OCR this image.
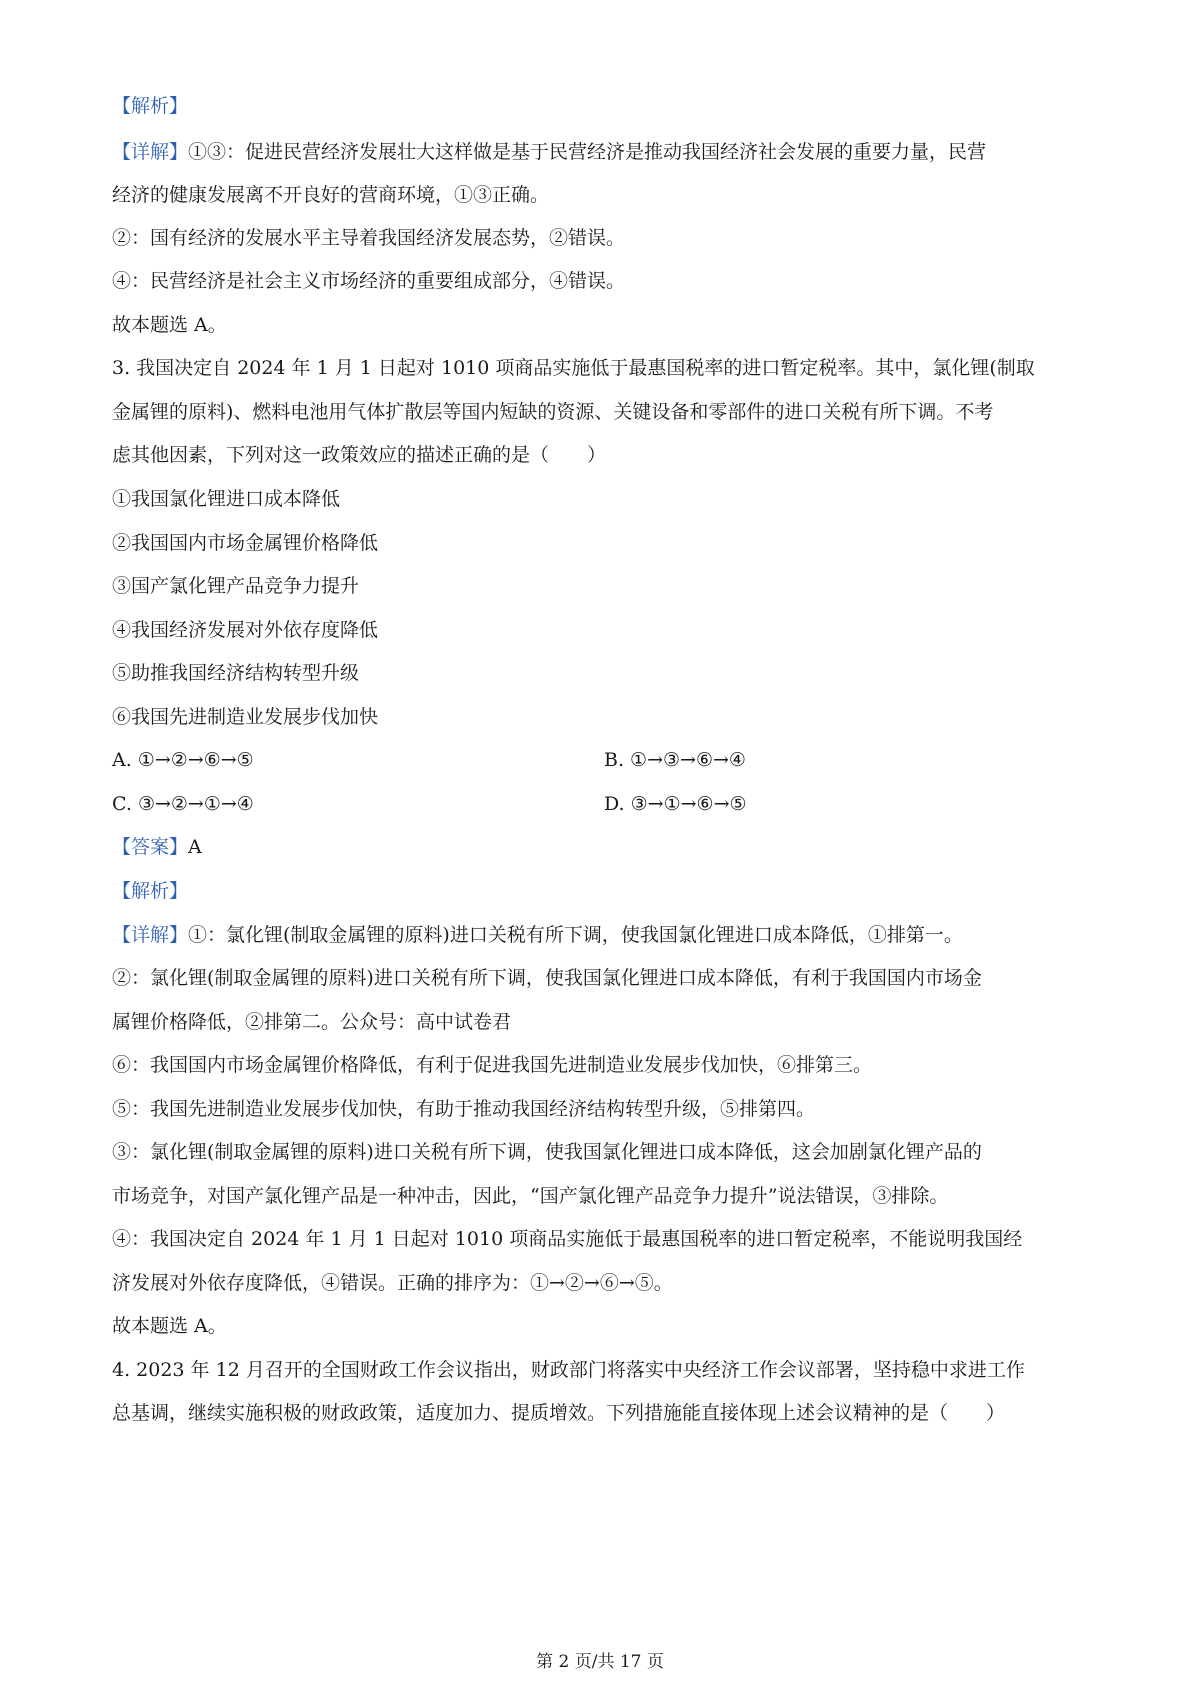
【解析】
【详解】①③：促进民营经济发展壮大这样做是基于民营经济是推动我国经济社会发展的重要力量，民营
经济的健康发展离不开良好的营商环境，①③正确。
②：国有经济的发展水平主导着我国经济发展态势，②错误。
④：民营经济是社会主义市场经济的重要组成部分，④错误。
故本题选 A。
3. 我国决定自 2024 年 1 月 1 日起对 1010 项商品实施低于最惠国税率的进口暂定税率。其中，氯化锂(制取
金属锂的原料)、燃料电池用气体扩散层等国内短缺的资源、关键设备和零部件的进口关税有所下调。不考
虑其他因素，下列对这一政策效应的描述正确的是（　　）
①我国氯化锂进口成本降低
②我国国内市场金属锂价格降低
③国产氯化锂产品竞争力提升
④我国经济发展对外依存度降低
⑤助推我国经济结构转型升级
⑥我国先进制造业发展步伐加快
A. ①→②→⑥→⑤	B. ①→③→⑥→④
C. ③→②→①→④	D. ③→①→⑥→⑤
【答案】A
【解析】
【详解】①：氯化锂(制取金属锂的原料)进口关税有所下调，使我国氯化锂进口成本降低，①排第一。
②：氯化锂(制取金属锂的原料)进口关税有所下调，使我国氯化锂进口成本降低，有利于我国国内市场金
属锂价格降低，②排第二。公众号：高中试卷君
⑥：我国国内市场金属锂价格降低，有利于促进我国先进制造业发展步伐加快，⑥排第三。
⑤：我国先进制造业发展步伐加快，有助于推动我国经济结构转型升级，⑤排第四。
③：氯化锂(制取金属锂的原料)进口关税有所下调，使我国氯化锂进口成本降低，这会加剧氯化锂产品的
市场竞争，对国产氯化锂产品是一种冲击，因此，“国产氯化锂产品竞争力提升”说法错误，③排除。
④：我国决定自 2024 年 1 月 1 日起对 1010 项商品实施低于最惠国税率的进口暂定税率，不能说明我国经
济发展对外依存度降低，④错误。正确的排序为：①→②→⑥→⑤。
故本题选 A。
4. 2023 年 12 月召开的全国财政工作会议指出，财政部门将落实中央经济工作会议部署，坚持稳中求进工作
总基调，继续实施积极的财政政策，适度加力、提质增效。下列措施能直接体现上述会议精神的是（　　）
第 2 页/共 17 页
